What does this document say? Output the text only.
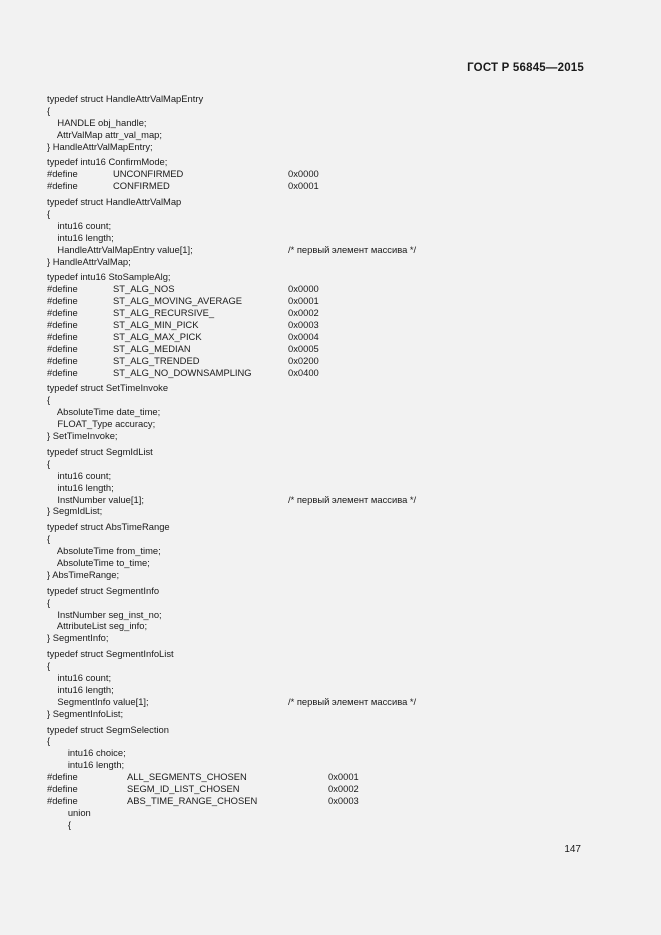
ГОСТ Р 56845—2015
typedef struct HandleAttrValMapEntry
{
HANDLE obj_handle;
AttrValMap attr_val_map;
} HandleAttrValMapEntry;
typedef intu16 ConfirmMode;
#define	UNCONFIRMED	0x0000
#define	CONFIRMED	0x0001
typedef struct HandleAttrValMap
{
intu16 count;
intu16 length;
HandleAttrValMapEntry value[1];	/* первый элемент массива */
} HandleAttrValMap;
typedef intu16 StoSampleAlg;
#define	ST_ALG_NOS	0x0000
#define	ST_ALG_MOVING_AVERAGE	0x0001
#define	ST_ALG_RECURSIVE_	0x0002
#define	ST_ALG_MIN_PICK	0x0003
#define	ST_ALG_MAX_PICK	0x0004
#define	ST_ALG_MEDIAN	0x0005
#define	ST_ALG_TRENDED	0x0200
#define	ST_ALG_NO_DOWNSAMPLING	0x0400
typedef struct SetTimeInvoke
{
AbsoluteTime date_time;
FLOAT_Type accuracy;
} SetTimeInvoke;
typedef struct SegmIdList
{
intu16 count;
intu16 length;
InstNumber value[1];	/* первый элемент массива */
} SegmIdList;
typedef struct AbsTimeRange
{
AbsoluteTime from_time;
AbsoluteTime to_time;
} AbsTimeRange;
typedef struct SegmentInfo
{
InstNumber seg_inst_no;
AttributeList seg_info;
} SegmentInfo;
typedef struct SegmentInfoList
{
intu16 count;
intu16 length;
SegmentInfo value[1];	/* первый элемент массива */
} SegmentInfoList;
typedef struct SegmSelection
{
intu16 choice;
intu16 length;
#define	ALL_SEGMENTS_CHOSEN	0x0001
#define	SEGM_ID_LIST_CHOSEN	0x0002
#define	ABS_TIME_RANGE_CHOSEN	0x0003
union
{
147
